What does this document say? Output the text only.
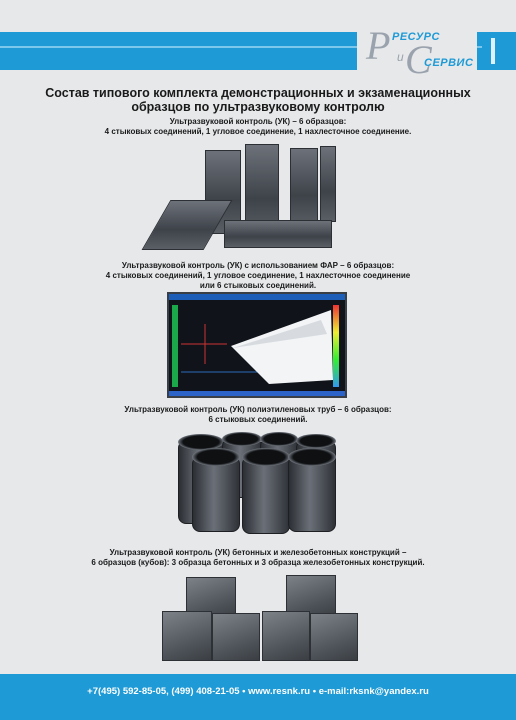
Р и С
РЕСУРС
СЕРВИС
Состав типового комплекта демонстрационных и экзаменационных образцов по ультразвуковому контролю
Ультразвуковой контроль (УК) – 6 образцов:
4 стыковых соединений, 1 угловое соединение, 1 нахлесточное соединение.
Ультразвуковой контроль (УК) с использованием ФАР – 6 образцов:
4 стыковых соединений, 1 угловое соединение, 1 нахлесточное соединение
или 6 стыковых соединений.
Ультразвуковой контроль (УК) полиэтиленовых труб – 6 образцов:
6 стыковых соединений.
Ультразвуковой контроль (УК) бетонных и железобетонных конструкций –
6 образцов (кубов): 3 образца бетонных и 3 образца железобетонных конструкций.
+7(495) 592-85-05, (499) 408-21-05 • www.resnk.ru • e-mail:rksnk@yandex.ru
